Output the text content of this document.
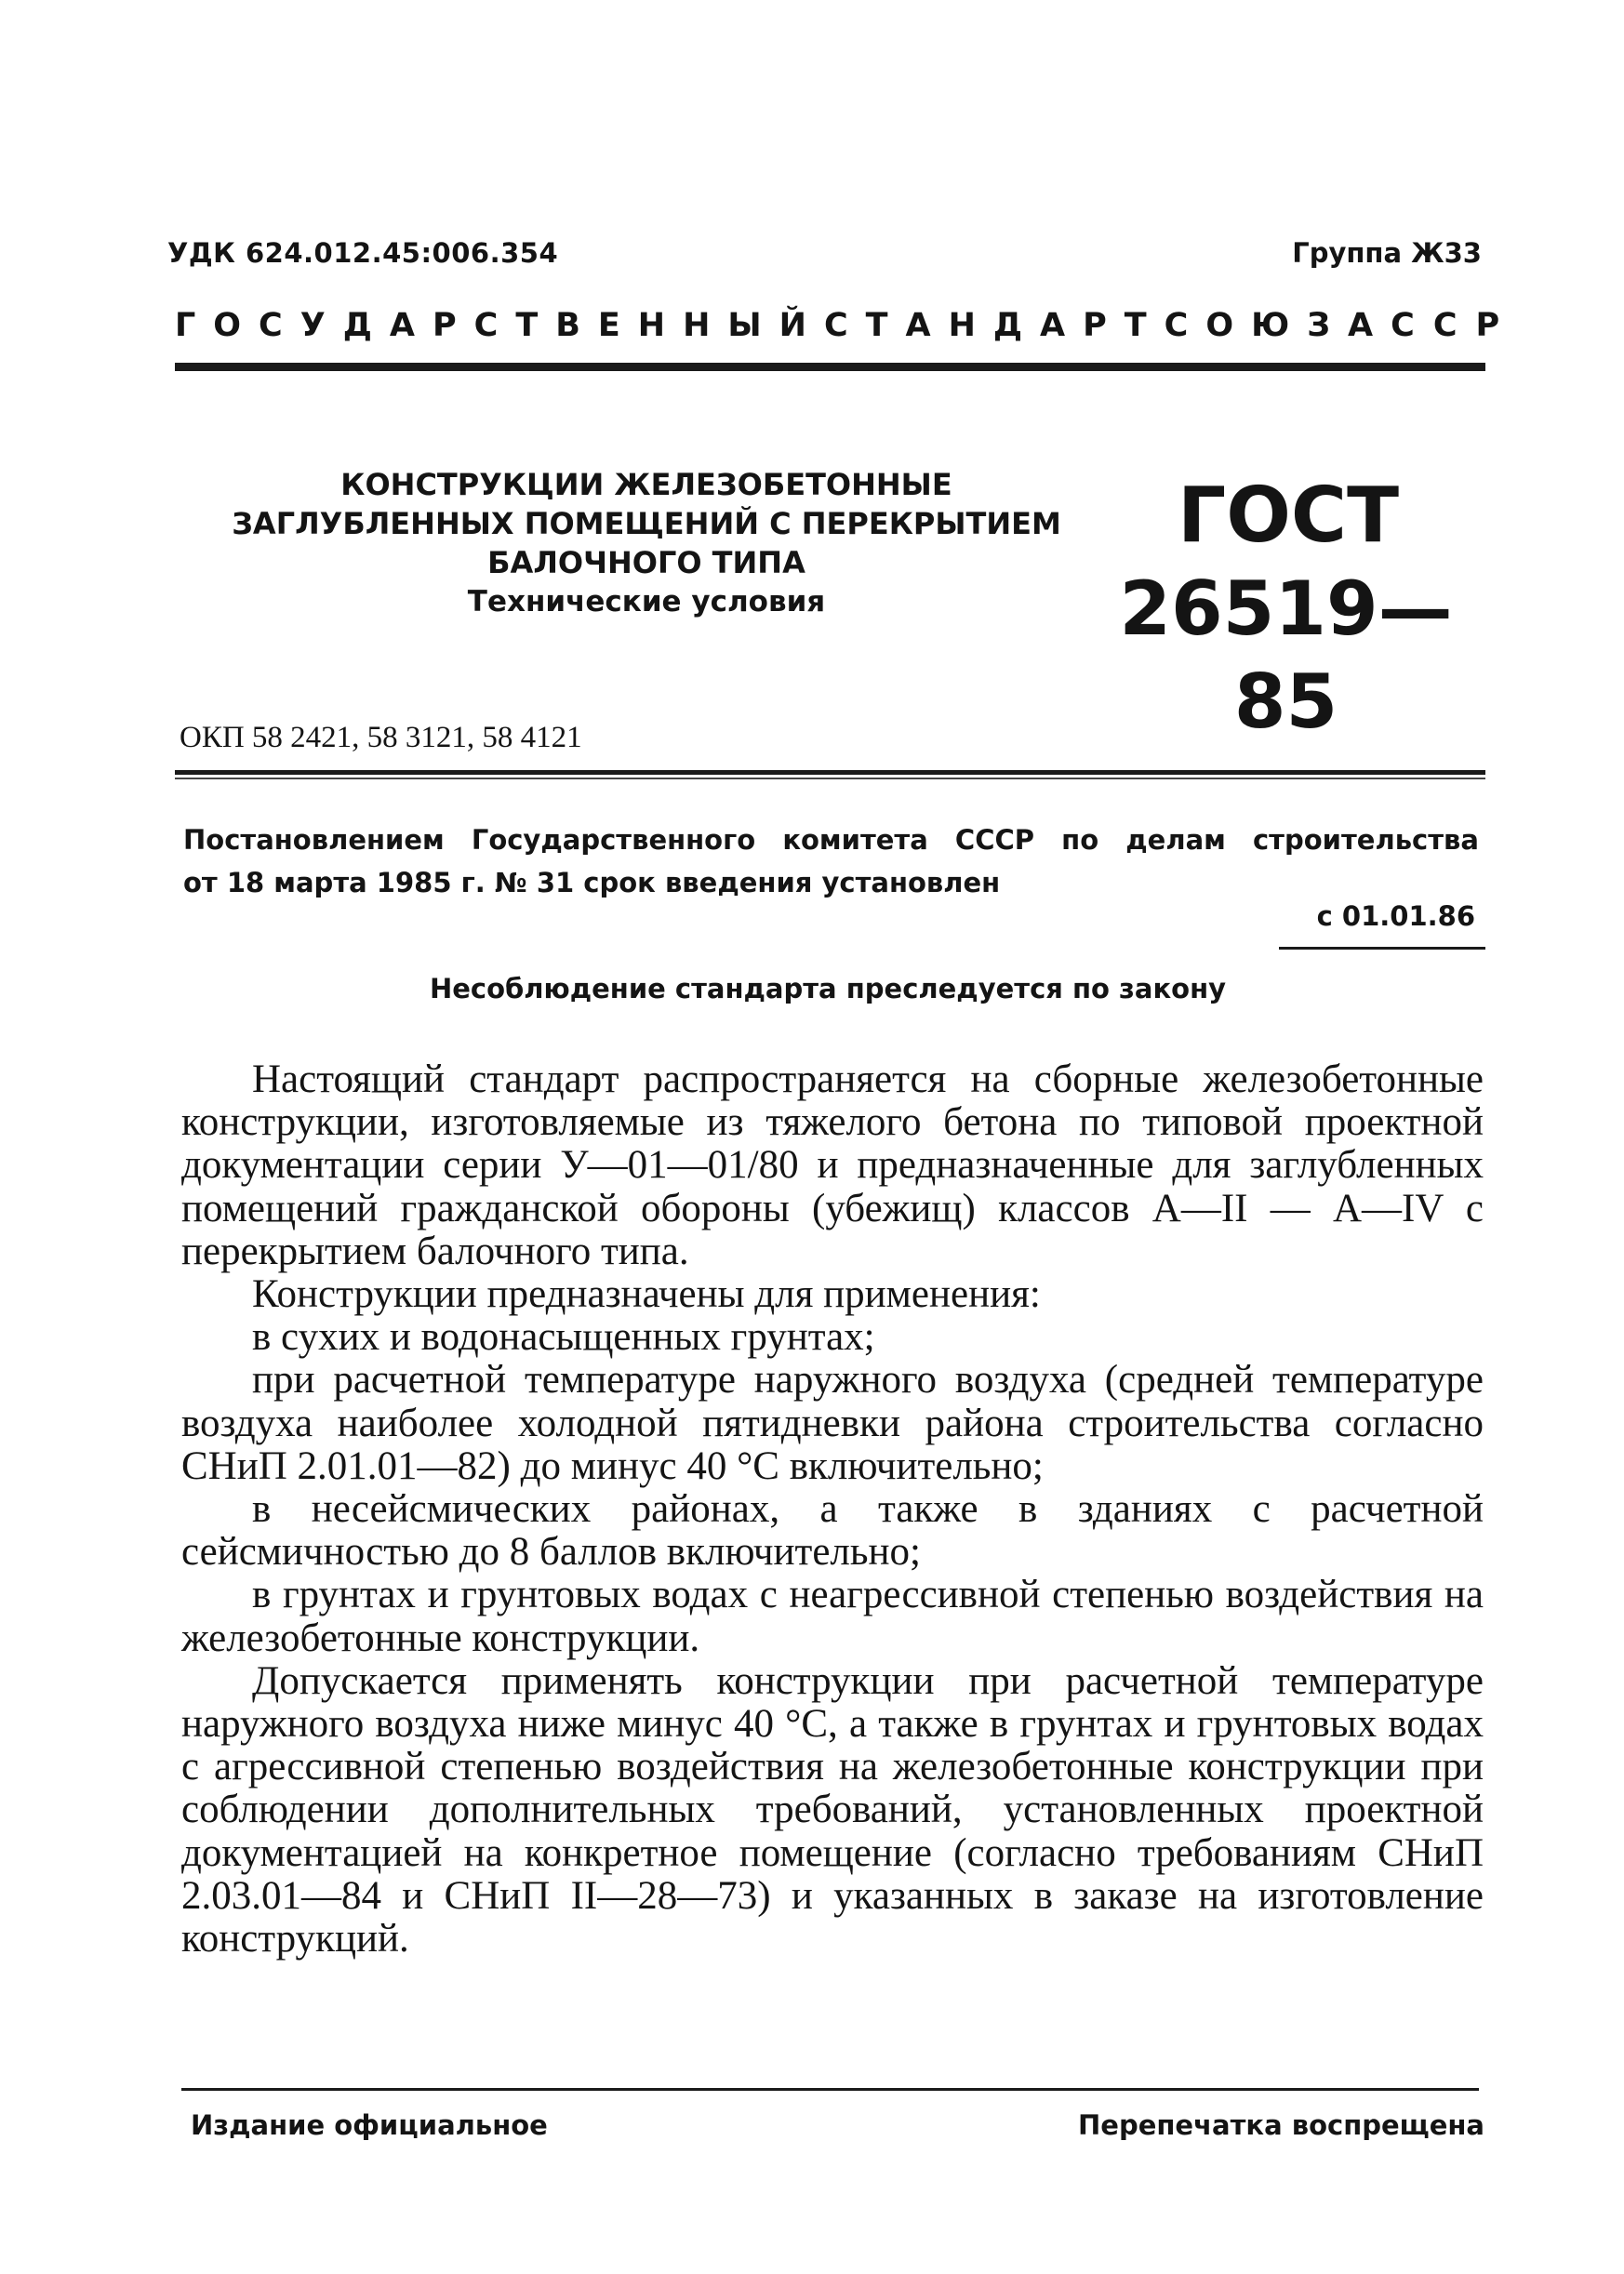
УДК 624.012.45:006.354	Группа Ж33
ГОСУДАРСТВЕННЫЙ СТАНДАРТ СОЮЗА ССР
КОНСТРУКЦИИ ЖЕЛЕЗОБЕТОННЫЕ
ЗАГЛУБЛЕННЫХ ПОМЕЩЕНИЙ С ПЕРЕКРЫТИЕМ
БАЛОЧНОГО ТИПА
Технические условия
ГОСТ
26519—85
ОКП 58 2421, 58 3121, 58 4121
Постановлением Государственного комитета СССР по делам строительства
от 18 марта 1985 г. № 31 срок введения установлен
с 01.01.86
Несоблюдение стандарта преследуется по закону

Настоящий стандарт распространяется на сборные железобетонные конструкции, изготовляемые из тяжелого бетона по типовой проектной документации серии У—01—01/80 и предназначенные для заглубленных помещений гражданской обороны (убежищ) классов А—II — А—IV с перекрытием балочного типа.

Конструкции предназначены для применения:

в сухих и водонасыщенных грунтах;

при расчетной температуре наружного воздуха (средней температуре воздуха наиболее холодной пятидневки района строительства согласно СНиП 2.01.01—82) до минус 40 °С включительно;

в несейсмических районах, а также в зданиях с расчетной сейсмичностью до 8 баллов включительно;

в грунтах и грунтовых водах с неагрессивной степенью воздействия на железобетонные конструкции.

Допускается применять конструкции при расчетной температуре наружного воздуха ниже минус 40 °С, а также в грунтах и грунтовых водах с агрессивной степенью воздействия на железобетонные конструкции при соблюдении дополнительных требований, установленных проектной документацией на конкретное помещение (согласно требованиям СНиП 2.03.01—84 и СНиП II—28—73) и указанных в заказе на изготовление конструкций.

Издание официальное	Перепечатка воспрещена
